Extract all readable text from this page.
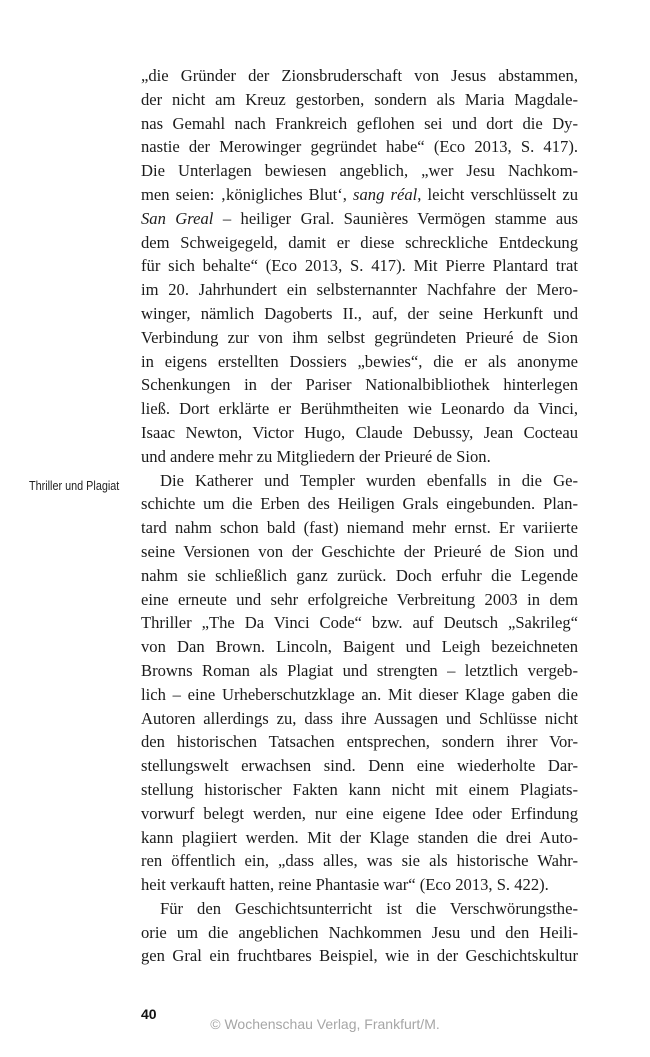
„die Gründer der Zionsbruderschaft von Jesus abstammen,
der nicht am Kreuz gestorben, sondern als Maria Magdale-
nas Gemahl nach Frankreich geflohen sei und dort die Dy-
nastie der Merowinger gegründet habe“ (Eco 2013, S. 417).
Die Unterlagen bewiesen angeblich, „wer Jesu Nachkom-
men seien: ‚königliches Blut‘, sang réal, leicht verschlüsselt zu
San Greal – heiliger Gral. Saunières Vermögen stamme aus
dem Schweigegeld, damit er diese schreckliche Entdeckung
für sich behalte“ (Eco 2013, S. 417). Mit Pierre Plantard trat
im 20. Jahrhundert ein selbsternannter Nachfahre der Mero-
winger, nämlich Dagoberts II., auf, der seine Herkunft und
Verbindung zur von ihm selbst gegründeten Prieuré de Sion
in eigens erstellten Dossiers „bewies“, die er als anonyme
Schenkungen in der Pariser Nationalbibliothek hinterlegen
ließ. Dort erklärte er Berühmtheiten wie Leonardo da Vinci,
Isaac Newton, Victor Hugo, Claude Debussy, Jean Cocteau
und andere mehr zu Mitgliedern der Prieuré de Sion.
Die Katherer und Templer wurden ebenfalls in die Ge-
schichte um die Erben des Heiligen Grals eingebunden. Plan-
tard nahm schon bald (fast) niemand mehr ernst. Er variierte
seine Versionen von der Geschichte der Prieuré de Sion und
nahm sie schließlich ganz zurück. Doch erfuhr die Legende
eine erneute und sehr erfolgreiche Verbreitung 2003 in dem
Thriller „The Da Vinci Code“ bzw. auf Deutsch „Sakrileg“
von Dan Brown. Lincoln, Baigent und Leigh bezeichneten
Browns Roman als Plagiat und strengten – letztlich vergeb-
lich – eine Urheberschutzklage an. Mit dieser Klage gaben die
Autoren allerdings zu, dass ihre Aussagen und Schlüsse nicht
den historischen Tatsachen entsprechen, sondern ihrer Vor-
stellungswelt erwachsen sind. Denn eine wiederholte Dar-
stellung historischer Fakten kann nicht mit einem Plagiats-
vorwurf belegt werden, nur eine eigene Idee oder Erfindung
kann plagiiert werden. Mit der Klage standen die drei Auto-
ren öffentlich ein, „dass alles, was sie als historische Wahr-
heit verkauft hatten, reine Phantasie war“ (Eco 2013, S. 422).
Für den Geschichtsunterricht ist die Verschwörungsthe-
orie um die angeblichen Nachkommen Jesu und den Heili-
gen Gral ein fruchtbares Beispiel, wie in der Geschichtskultur
Thriller und Plagiat
40
© Wochenschau Verlag, Frankfurt/M.
